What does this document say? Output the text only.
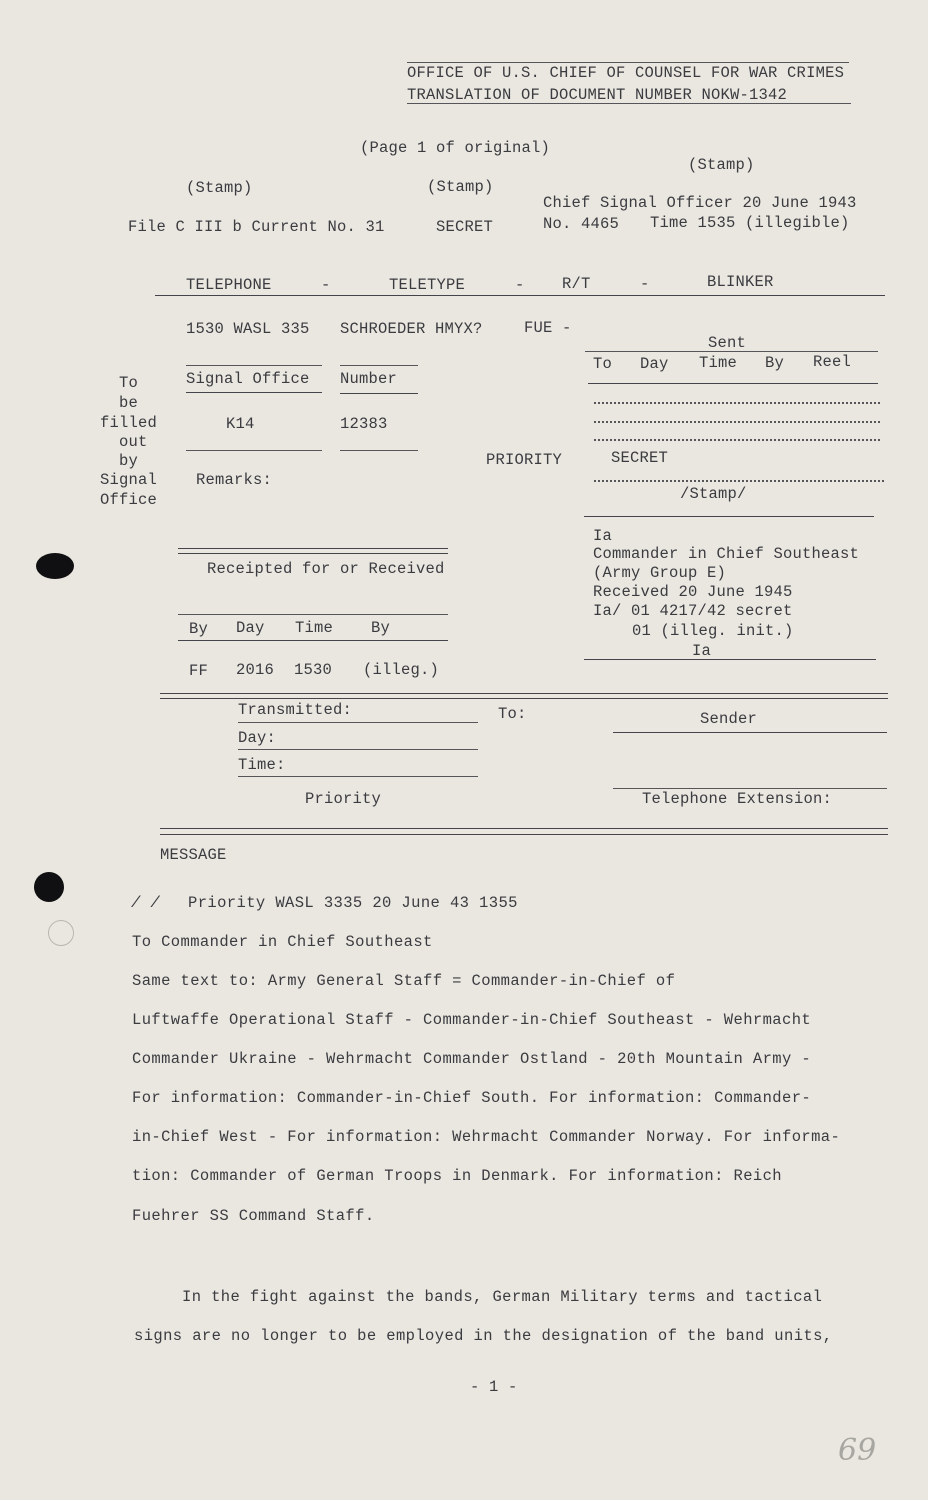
OFFICE OF U.S. CHIEF OF COUNSEL FOR WAR CRIMES
TRANSLATION OF DOCUMENT NUMBER NOKW-1342
(Page 1 of original)
(Stamp)
(Stamp)	(Stamp)
Chief Signal Officer 20 June 1943
File C III b Current No. 31	SECRET	No. 4465 Time 1535 (illegible)
TELEPHONE	-	TELETYPE	- R/T	-	BLINKER
1530 WASL 335 SCHROEDER HMYX?	FUE -
Sent
To Day Time By Reel
To
be
filled
out
by
Signal
Office
Signal Office Number
K14	12383
PRIORITY	SECRET
Remarks:
/Stamp/
Receipted for or Received
By Day Time By
FF 2016 1530 (illeg.)
Ia
Commander in Chief Southeast
(Army Group E)
Received 20 June 1945
Ia/ 01 4217/42 secret
01 (illeg. init.)
Ia
Transmitted:	To:	Sender
Day:
Time:
Priority	Telephone Extension:
MESSAGE
/ / Priority WASL 3335 20 June 43 1355
To Commander in Chief Southeast
Same text to: Army General Staff = Commander-in-Chief of
Luftwaffe Operational Staff - Commander-in-Chief Southeast - Wehrmacht
Commander Ukraine - Wehrmacht Commander Ostland - 20th Mountain Army -
For information: Commander-in-Chief South. For information: Commander-
in-Chief West - For information: Wehrmacht Commander Norway. For informa-
tion: Commander of German Troops in Denmark. For information: Reich
Fuehrer SS Command Staff.
In the fight against the bands, German Military terms and tactical
signs are no longer to be employed in the designation of the band units,
- 1 -
69
